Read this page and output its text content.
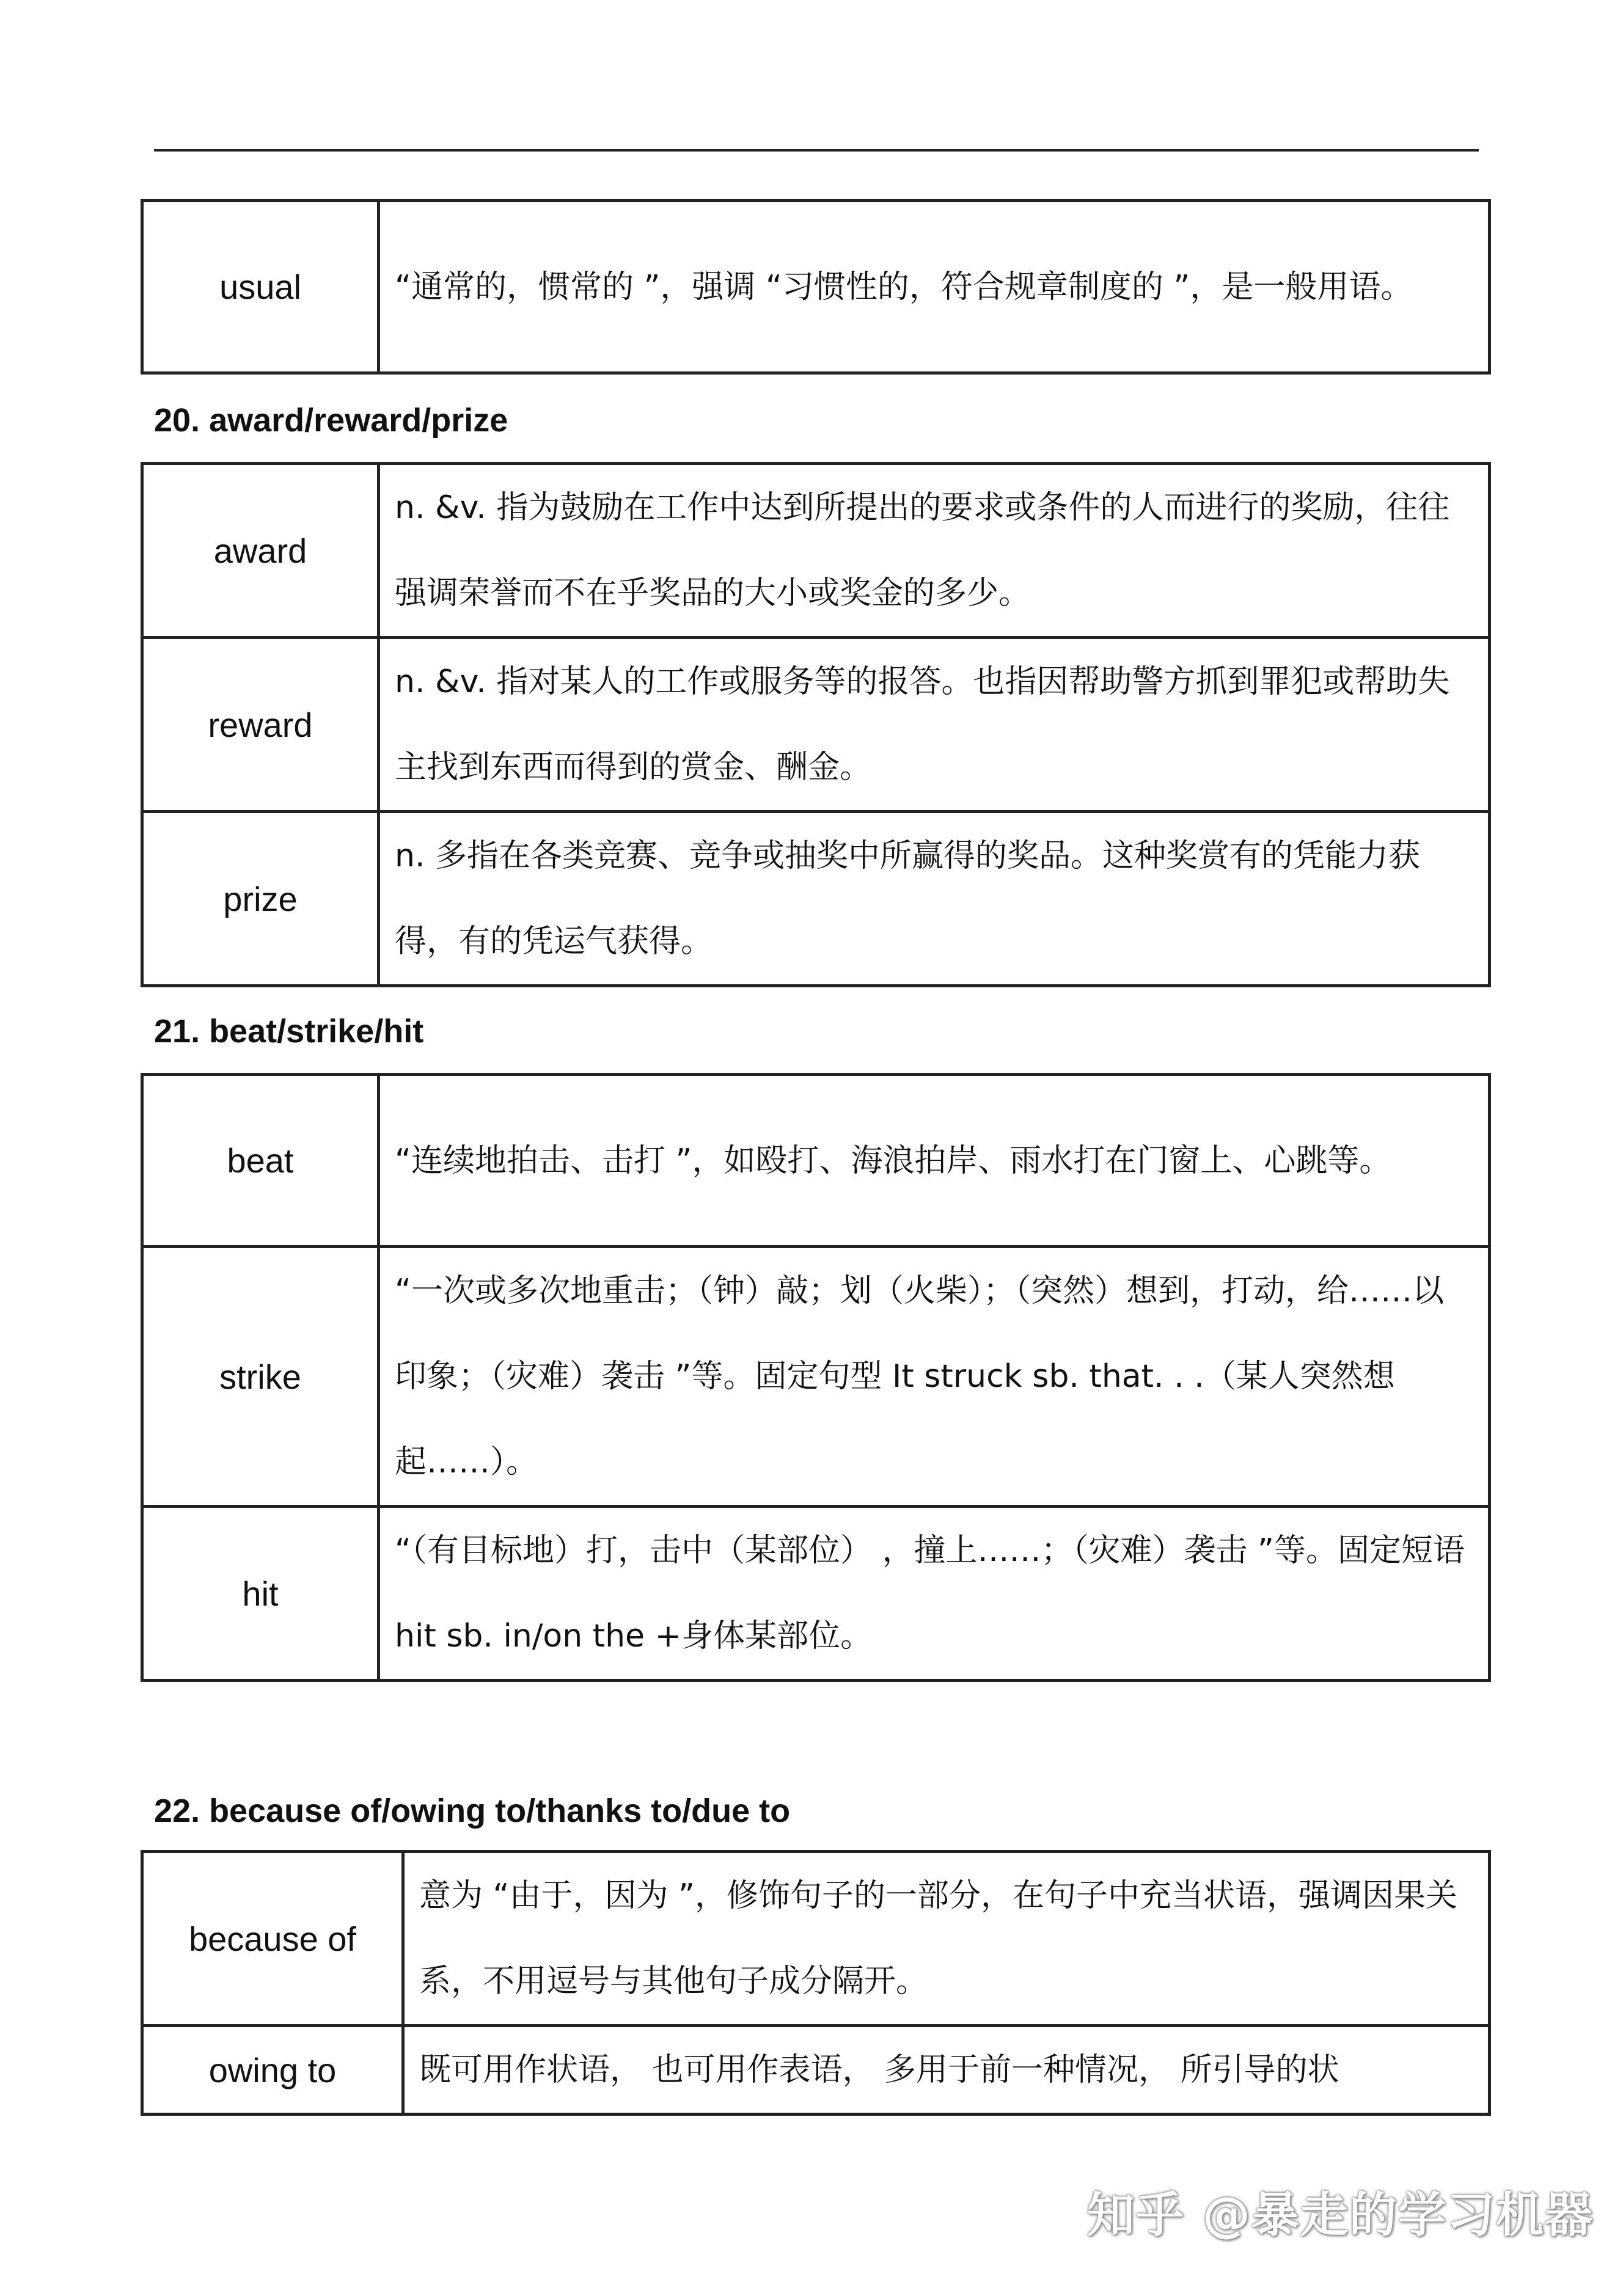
usual	“通常的，惯常的 ”，强调 “习惯性的，符合规章制度的 ”，是一般用语。
20. award/reward/prize
award	n. &v. 指为鼓励在工作中达到所提出的要求或条件的人而进行的奖励，往往强调荣誉而不在乎奖品的大小或奖金的多少。
reward	n. &v. 指对某人的工作或服务等的报答。也指因帮助警方抓到罪犯或帮助失主找到东西而得到的赏金、酬金。
prize	n. 多指在各类竞赛、竞争或抽奖中所赢得的奖品。这种奖赏有的凭能力获得，有的凭运气获得。
21. beat/strike/hit
beat	“连续地拍击、击打 ”，如殴打、海浪拍岸、雨水打在门窗上、心跳等。
strike	“一次或多次地重击；（钟）敲；划（火柴）；（突然）想到，打动，给……以印象；（灾难）袭击 ”等。固定句型 It struck sb. that. . .（某人突然想起……）。
hit	“（有目标地）打，击中（某部位） ，撞上……；（灾难）袭击 ”等。固定短语 hit sb. in/on the +身体某部位。
22. because of/owing to/thanks to/due to
because of	意为 “由于，因为 ”，修饰句子的一部分，在句子中充当状语，强调因果关系，不用逗号与其他句子成分隔开。
owing to	既可用作状语， 也可用作表语， 多用于前一种情况， 所引导的状
知乎 @暴走的学习机器
